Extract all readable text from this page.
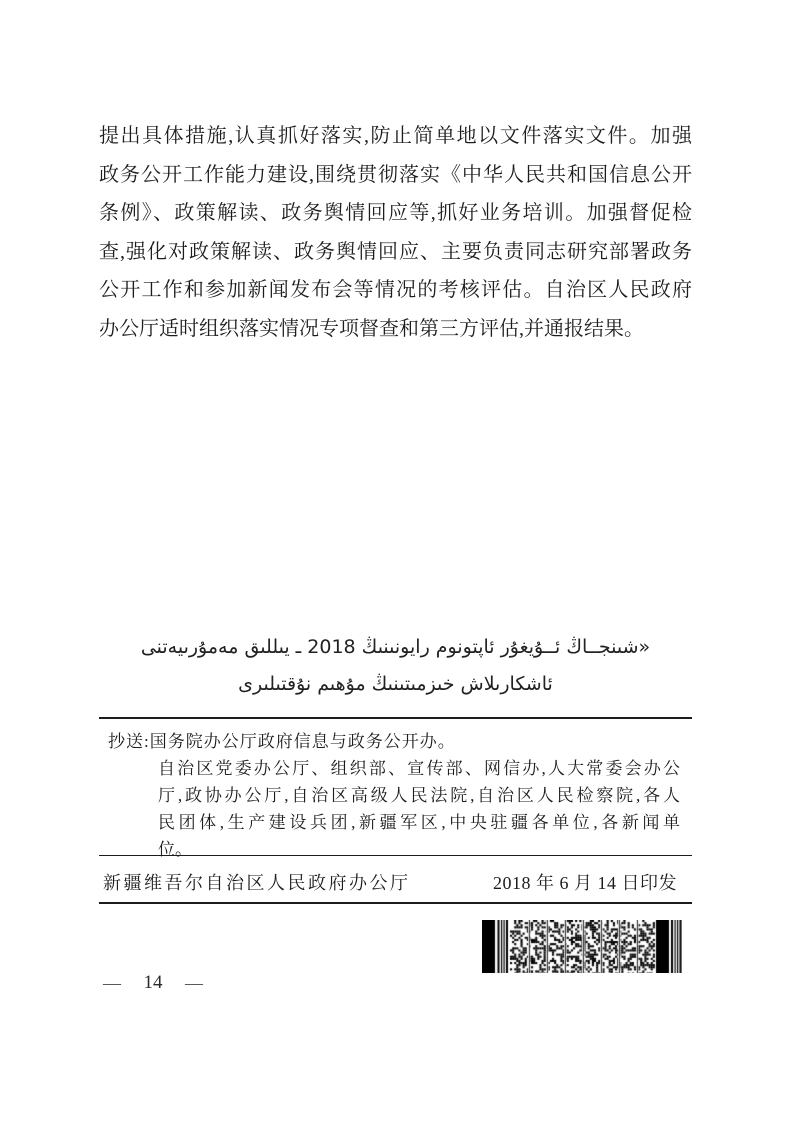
提出具体措施,认真抓好落实,防止简单地以文件落实文件。加强
政务公开工作能力建设,围绕贯彻落实《中华人民共和国信息公开
条例》、政策解读、政务舆情回应等,抓好业务培训。加强督促检
查,强化对政策解读、政务舆情回应、主要负责同志研究部署政务
公开工作和参加新闻发布会等情况的考核评估。自治区人民政府
办公厅适时组织落实情况专项督查和第三方评估,并通报结果。
«شىنجــاڭ ئــۇيغۇر ئاپتونوم رايونىنىڭ 2018 ـ يىللىق مەمۇرىيەتنى
ئاشكارىلاش خىزمىتىنىڭ مۇھىم نۇقتىلىرى
抄送:国务院办公厅政府信息与政务公开办。
自治区党委办公厅、组织部、宣传部、网信办,人大常委会办公
厅,政协办公厅,自治区高级人民法院,自治区人民检察院,各人
民团体,生产建设兵团,新疆军区,中央驻疆各单位,各新闻单
位。
新疆维吾尔自治区人民政府办公厅	2018 年 6 月 14 日印发
— 14 —
